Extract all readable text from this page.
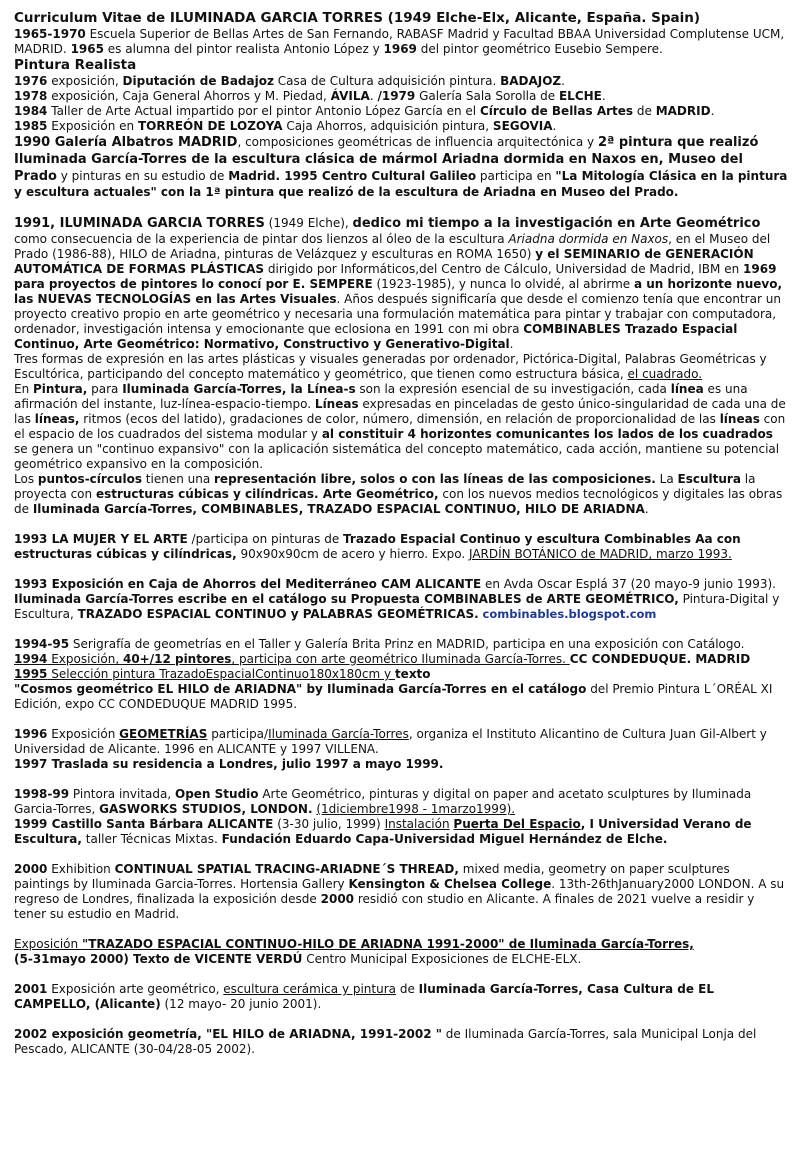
Curriculum Vitae de ILUMINADA GARCIA TORRES (1949 Elche-Elx, Alicante, España. Spain)

1965-1970 Escuela Superior de Bellas Artes de San Fernando, RABASF Madrid y Facultad BBAA Universidad Complutense UCM, MADRID. 1965 es alumna del pintor realista Antonio López y 1969 del pintor geométrico Eusebio Sempere.

Pintura Realista

1976 exposición, Diputación de Badajoz Casa de Cultura adquisición pintura. BADAJOZ.

1978 exposición, Caja General Ahorros y M. Piedad, ÁVILA. /1979 Galería Sala Sorolla de ELCHE.

1984 Taller de Arte Actual impartido por el pintor Antonio López García en el Círculo de Bellas Artes de MADRID.

1985 Exposición en TORREÓN DE LOZOYA Caja Ahorros, adquisición pintura, SEGOVIA.

1990 Galería Albatros MADRID, composiciones geométricas de influencia arquitectónica y 2ª pintura que realizó Iluminada García-Torres de la escultura clásica de mármol Ariadna dormida en Naxos en, Museo del Prado y pinturas en su estudio de Madrid. 1995 Centro Cultural Galileo participa en "La Mitología Clásica en la pintura y escultura actuales" con la 1ª pintura que realizó de la escultura de Ariadna en Museo del Prado.

1991, ILUMINADA GARCIA TORRES (1949 Elche), dedico mi tiempo a la investigación en Arte Geométrico como consecuencia de la experiencia de pintar dos lienzos al óleo de la escultura Ariadna dormida en Naxos, en el Museo del Prado (1986-88), HILO de Ariadna, pinturas de Velázquez y esculturas en ROMA 1650) y el SEMINARIO de GENERACIÓN AUTOMÁTICA DE FORMAS PLÁSTICAS dirigido por Informáticos,del Centro de Cálculo, Universidad de Madrid, IBM en 1969 para proyectos de pintores lo conocí por E. SEMPERE (1923-1985), y nunca lo olvidé, al abrirme a un horizonte nuevo, las NUEVAS TECNOLOGÍAS en las Artes Visuales. Años después significaría que desde el comienzo tenía que encontrar un proyecto creativo propio en arte geométrico y necesaria una formulación matemática para pintar y trabajar con computadora, ordenador, investigación intensa y emocionante que eclosiona en 1991 con mi obra COMBINABLES Trazado Espacial Continuo, Arte Geométrico: Normativo, Constructivo y Generativo-Digital.

Tres formas de expresión en las artes plásticas y visuales generadas por ordenador, Pictórica-Digital, Palabras Geométricas y Escultórica, participando del concepto matemático y geométrico, que tienen como estructura básica, el cuadrado.

En Pintura, para Iluminada García-Torres, la Línea-s son la expresión esencial de su investigación, cada línea es una afirmación del instante, luz-línea-espacio-tiempo. Líneas expresadas en pinceladas de gesto único-singularidad de cada una de las líneas, ritmos (ecos del latido), gradaciones de color, número, dimensión, en relación de proporcionalidad de las líneas con el espacio de los cuadrados del sistema modular y al constituir 4 horizontes comunicantes los lados de los cuadrados se genera un "continuo expansivo" con la aplicación sistemática del concepto matemático, cada acción, mantiene su potencial geométrico expansivo en la composición.

Los puntos-círculos tienen una representación libre, solos o con las líneas de las composiciones. La Escultura la proyecta con estructuras cúbicas y cilíndricas. Arte Geométrico, con los nuevos medios tecnológicos y digitales las obras de Iluminada García-Torres, COMBINABLES, TRAZADO ESPACIAL CONTINUO, HILO DE ARIADNA.

1993 LA MUJER Y EL ARTE /participa on pinturas de Trazado Espacial Continuo y escultura Combinables Aa con estructuras cúbicas y cilíndricas, 90x90x90cm de acero y hierro. Expo. JARDÍN BOTÁNICO de MADRID, marzo 1993.

1993 Exposición en Caja de Ahorros del Mediterráneo CAM ALICANTE en Avda Oscar Esplá 37 (20 mayo-9 junio 1993). Iluminada García-Torres escribe en el catálogo su Propuesta COMBINABLES de ARTE GEOMÉTRICO, Pintura-Digital y Escultura, TRAZADO ESPACIAL CONTINUO y PALABRAS GEOMÉTRICAS. combinables.blogspot.com

1994-95 Serigrafía de geometrías en el Taller y Galería Brita Prinz en MADRID, participa en una exposición con Catálogo.

1994 Exposición, 40+/12 pintores, participa con arte geométrico Iluminada García-Torres. CC CONDEDUQUE. MADRID

1995 Selección pintura TrazadoEspacialContinuo180x180cm y texto

"Cosmos geométrico EL HILO de ARIADNA" by Iluminada García-Torres en el catálogo del Premio Pintura L´ORÉAL XI Edición, expo CC CONDEDUQUE MADRID 1995.

1996 Exposición GEOMETRÍAS participa/Iluminada García-Torres, organiza el Instituto Alicantino de Cultura Juan Gil-Albert y Universidad de Alicante. 1996 en ALICANTE y 1997 VILLENA.

1997 Traslada su residencia a Londres, julio 1997 a mayo 1999.

1998-99 Pintora invitada, Open Studio Arte Geométrico, pinturas y digital on paper and acetato sculptures by Iluminada Garcia-Torres, GASWORKS STUDIOS, LONDON. (1diciembre1998 - 1marzo1999).

1999 Castillo Santa Bárbara ALICANTE (3-30 julio, 1999) Instalación Puerta Del Espacio, I Universidad Verano de Escultura, taller Técnicas Mixtas. Fundación Eduardo Capa-Universidad Miguel Hernández de Elche.

2000 Exhibition CONTINUAL SPATIAL TRACING-ARIADNE´S THREAD, mixed media, geometry on paper sculptures paintings by Iluminada Garcia-Torres. Hortensia Gallery Kensington & Chelsea College. 13th-26thJanuary2000 LONDON. A su regreso de Londres, finalizada la exposición desde 2000 residió con studio en Alicante. A finales de 2021 vuelve a residir y tener su estudio en Madrid.

Exposición "TRAZADO ESPACIAL CONTINUO-HILO DE ARIADNA 1991-2000" de Iluminada García-Torres,

(5-31mayo 2000) Texto de VICENTE VERDÚ Centro Municipal Exposiciones de ELCHE-ELX.

2001 Exposición arte geométrico, escultura cerámica y pintura de Iluminada García-Torres, Casa Cultura de EL CAMPELLO, (Alicante) (12 mayo- 20 junio 2001).

2002 exposición geometría, "EL HILO de ARIADNA, 1991-2002 " de Iluminada García-Torres, sala Municipal Lonja del Pescado, ALICANTE (30-04/28-05 2002).
